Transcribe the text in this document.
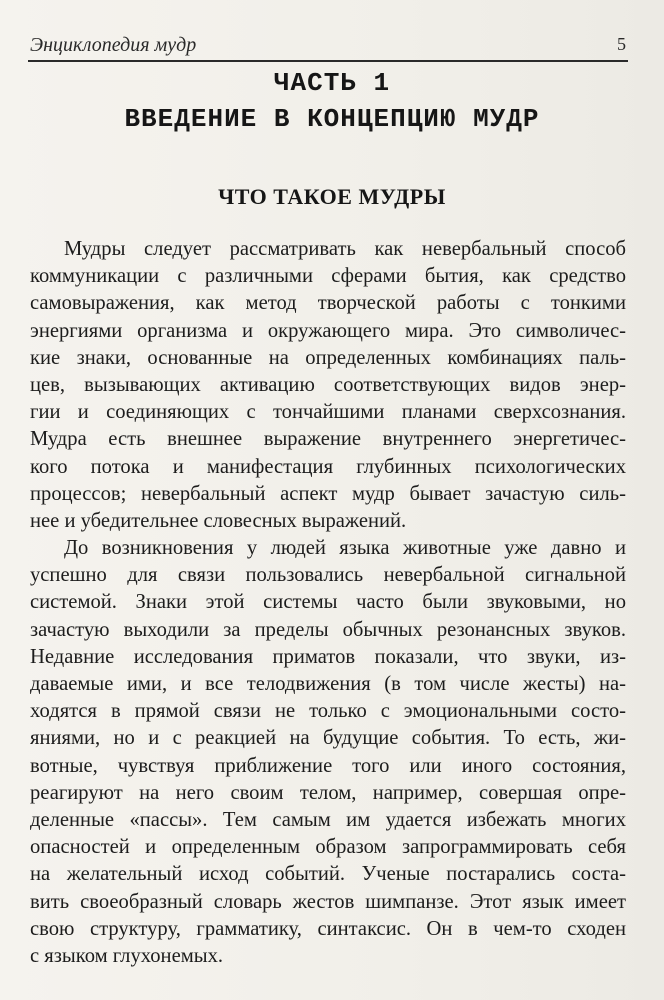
Энциклопедия мудр	5
ЧАСТЬ 1
ВВЕДЕНИЕ В КОНЦЕПЦИЮ МУДР
ЧТО ТАКОЕ МУДРЫ
Мудры следует рассматривать как невербальный способ
коммуникации с различными сферами бытия, как средство
самовыражения, как метод творческой работы с тонкими
энергиями организма и окружающего мира. Это символичес-
кие знаки, основанные на определенных комбинациях паль-
цев, вызывающих активацию соответствующих видов энер-
гии и соединяющих с тончайшими планами сверхсознания.
Мудра есть внешнее выражение внутреннего энергетичес-
кого потока и манифестация глубинных психологических
процессов; невербальный аспект мудр бывает зачастую силь-
нее и убедительнее словесных выражений.
До возникновения у людей языка животные уже давно и
успешно для связи пользовались невербальной сигнальной
системой. Знаки этой системы часто были звуковыми, но
зачастую выходили за пределы обычных резонансных звуков.
Недавние исследования приматов показали, что звуки, из-
даваемые ими, и все телодвижения (в том числе жесты) на-
ходятся в прямой связи не только с эмоциональными состо-
яниями, но и с реакцией на будущие события. То есть, жи-
вотные, чувствуя приближение того или иного состояния,
реагируют на него своим телом, например, совершая опре-
деленные «пассы». Тем самым им удается избежать многих
опасностей и определенным образом запрограммировать себя
на желательный исход событий. Ученые постарались соста-
вить своеобразный словарь жестов шимпанзе. Этот язык имеет
свою структуру, грамматику, синтаксис. Он в чем-то сходен
с языком глухонемых.
